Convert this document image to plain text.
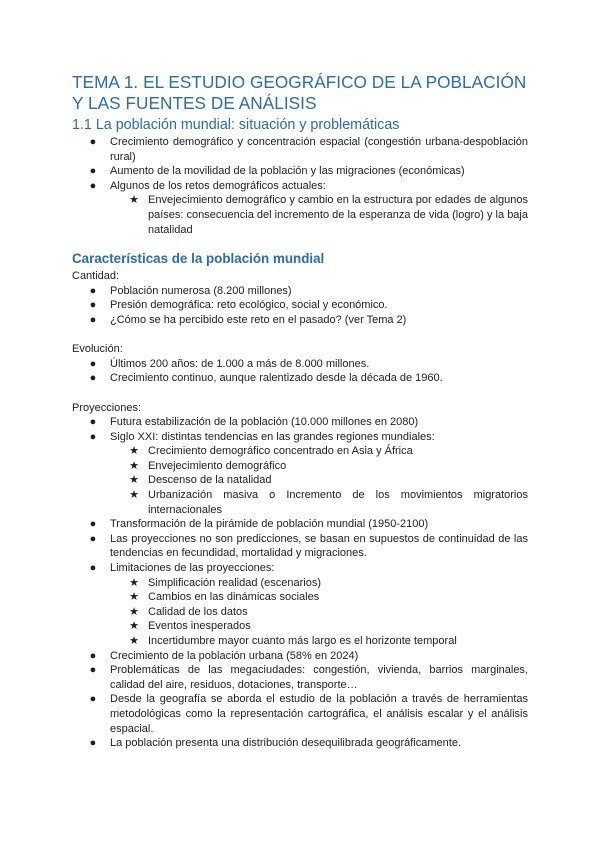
TEMA 1. EL ESTUDIO GEOGRÁFICO DE LA POBLACIÓN Y LAS FUENTES DE ANÁLISIS
1.1 La población mundial: situación y problemáticas
● Crecimiento demográfico y concentración espacial (congestión urbana-despoblación rural)
● Aumento de la movilidad de la población y las migraciones (económicas)
● Algunos de los retos demográficos actuales:
★ Envejecimiento demográfico y cambio en la estructura por edades de algunos países: consecuencia del incremento de la esperanza de vida (logro) y la baja natalidad
Características de la población mundial

Cantidad:

● Población numerosa (8.200 millones)
● Presión demográfica: reto ecológico, social y económico.
● ¿Cómo se ha percibido este reto en el pasado? (ver Tema 2)

Evolución:

● Últimos 200 años: de 1.000 a más de 8.000 millones.
● Crecimiento continuo, aunque ralentizado desde la década de 1960.

Proyecciones:

● Futura estabilización de la población (10.000 millones en 2080)
● Siglo XXI: distintas tendencias en las grandes regiones mundiales:
★ Crecimiento demográfico concentrado en Asia y África
★ Envejecimiento demográfico
★ Descenso de la natalidad
★ Urbanización masiva o Incremento de los movimientos migratorios internacionales
● Transformación de la pirámide de población mundial (1950-2100)
● Las proyecciones no son predicciones, se basan en supuestos de continuidad de las tendencias en fecundidad, mortalidad y migraciones.
● Limitaciones de las proyecciones:
★ Simplificación realidad (escenarios)
★ Cambios en las dinámicas sociales
★ Calidad de los datos
★ Eventos inesperados
★ Incertidumbre mayor cuanto más largo es el horizonte temporal
● Crecimiento de la población urbana (58% en 2024)
● Problemáticas de las megaciudades: congestión, vivienda, barrios marginales, calidad del aire, residuos, dotaciones, transporte…
● Desde la geografía se aborda el estudio de la población a través de herramientas metodológicas como la representación cartográfica, el análisis escalar y el análisis espacial.
● La población presenta una distribución desequilibrada geográficamente.
